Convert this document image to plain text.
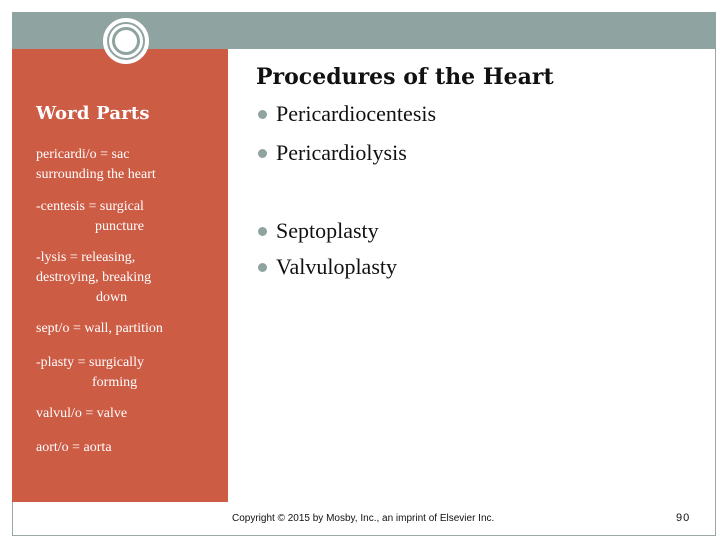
Word Parts
pericardi/o = sac
surrounding the heart
-centesis = surgical
puncture
-lysis = releasing,
destroying, breaking
down
sept/o = wall, partition
-plasty = surgically
forming
valvul/o = valve
aort/o = aorta
Procedures of the Heart
Pericardiocentesis
Pericardiolysis
Septoplasty
Valvuloplasty
Copyright © 2015 by Mosby, Inc., an imprint of Elsevier Inc.	90
